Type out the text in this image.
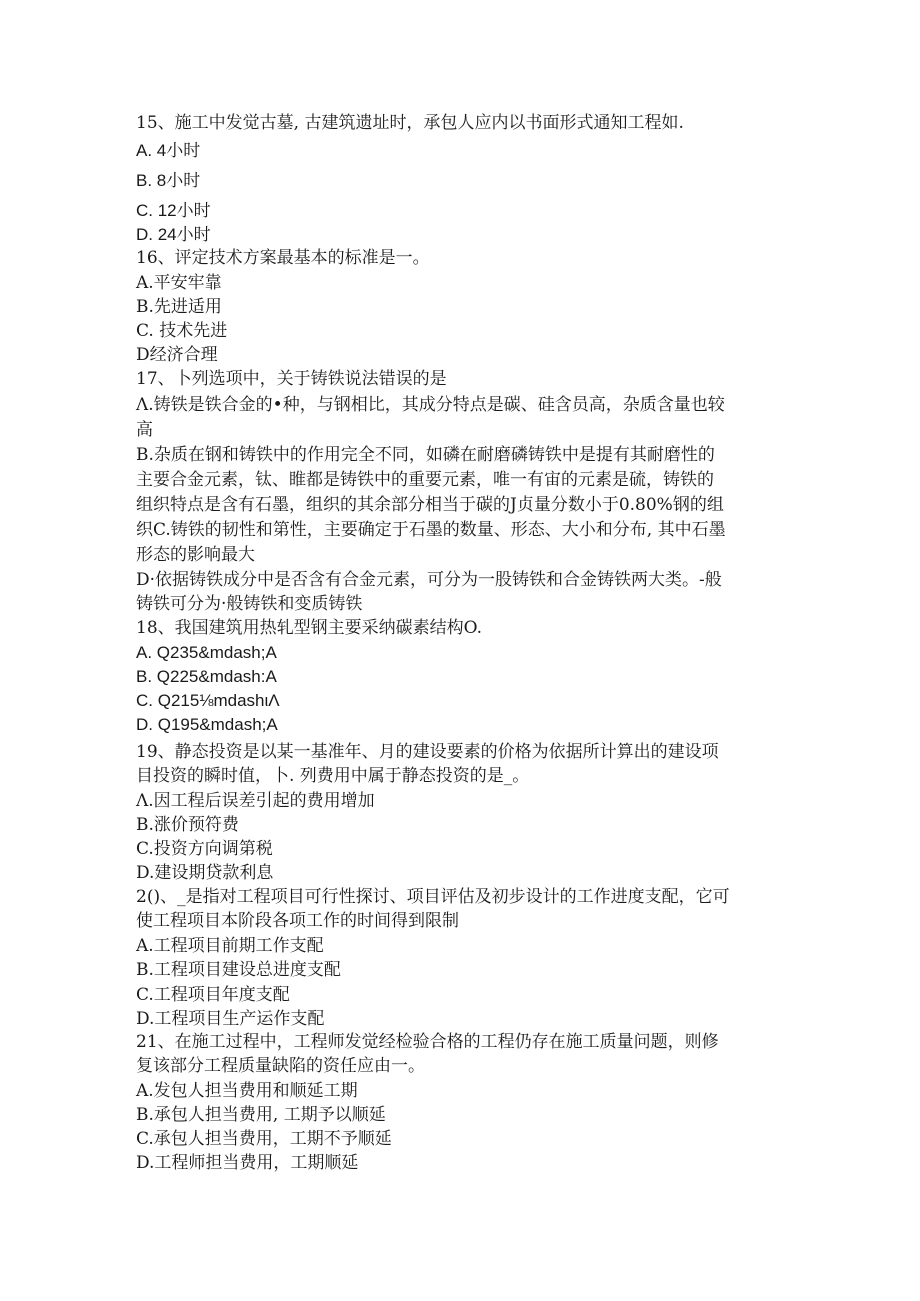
15、施工中发觉古墓, 古建筑遗址时，承包人应内以书面形式通知工程如.
A. 4小时
B. 8小时
C. 12小时
D. 24小时
16、评定技术方案最基本的标准是一。
A.平安牢靠
B.先进适用
C. 技术先进
D经济合理
17、卜列选项中，关于铸铁说法错误的是
Λ.铸铁是铁合金的•种，与钢相比，其成分特点是碳、硅含员高，杂质含量也较
高
B.杂质在钢和铸铁中的作用完全不同，如磷在耐磨磷铸铁中是提有其耐磨性的
主要合金元素，钛、睢都是铸铁中的重要元素，唯一有宙的元素是硫，铸铁的
组织特点是含有石墨，组织的其余部分相当于碳的J贞量分数小于0.80%钢的组
织C.铸铁的韧性和第性，主要确定于石墨的数量、形态、大小和分布, 其中石墨
形态的影响最大
D·依据铸铁成分中是否含有合金元素，可分为一股铸铁和合金铸铁两大类。-般
铸铁可分为·般铸铁和变质铸铁
18、我国建筑用热轧型钢主要采纳碳素结构O.
A. Q235&mdash;A
B. Q225&mdash:A
C. Q215⅛mdashιΛ
D. Q195&mdash;A
19、静态投资是以某一基准年、月的建设要素的价格为依据所计算出的建设项
目投资的瞬时值，卜. 列费用中属于静态投资的是_。
Λ.因工程后误差引起的费用增加
B.涨价预符费
C.投资方向调第税
D.建设期贷款利息
2()、_是指对工程项目可行性探讨、项目评估及初步设计的工作进度支配，它可
使工程项目本阶段各项工作的时间得到限制
A.工程项目前期工作支配
B.工程项目建设总进度支配
C.工程项目年度支配
D.工程项目生产运作支配
21、在施工过程中，工程师发觉经检验合格的工程仍存在施工质量问题，则修
复该部分工程质量缺陷的资任应由一。
A.发包人担当费用和顺延工期
B.承包人担当费用, 工期予以顺延
C.承包人担当费用，工期不予顺延
D.工程师担当费用，工期顺延
